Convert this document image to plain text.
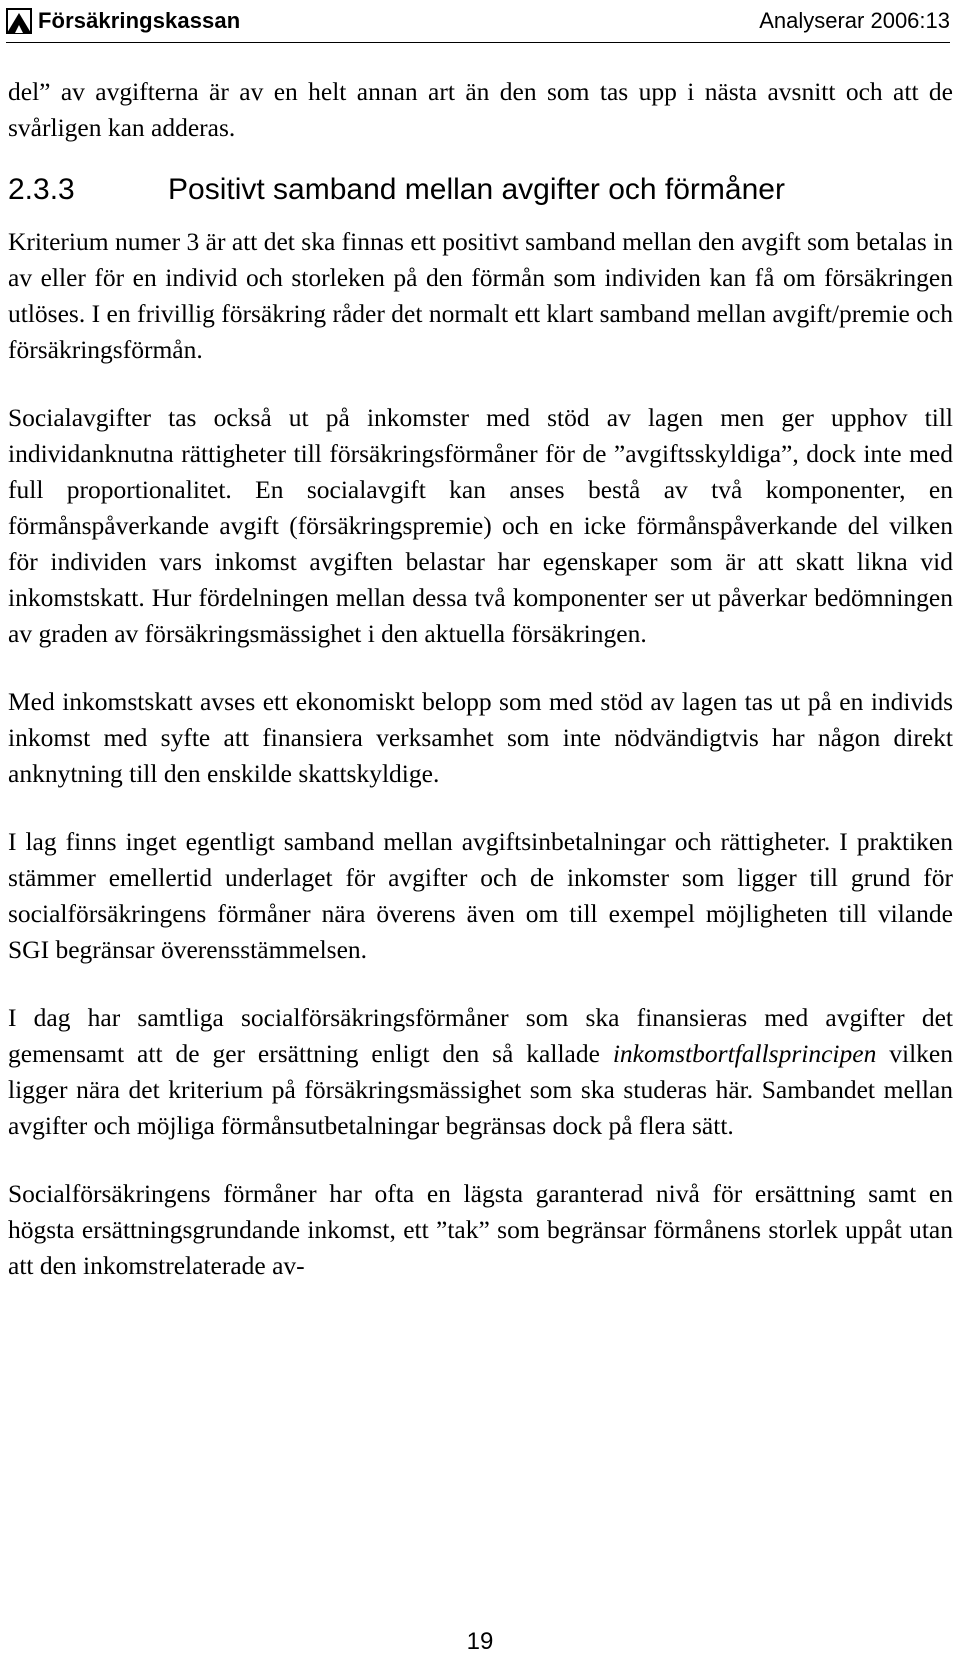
Försäkringskassan	Analyserar 2006:13

del” av avgifterna är av en helt annan art än den som tas upp i nästa avsnitt och att de svårligen kan adderas.

2.3.3	Positivt samband mellan avgifter och förmåner

Kriterium numer 3 är att det ska finnas ett positivt samband mellan den avgift som betalas in av eller för en individ och storleken på den förmån som individen kan få om försäkringen utlöses. I en frivillig försäkring råder det normalt ett klart samband mellan avgift/premie och försäkringsförmån.

Socialavgifter tas också ut på inkomster med stöd av lagen men ger upphov till individanknutna rättigheter till försäkringsförmåner för de ”avgiftsskyldiga”, dock inte med full proportionalitet. En socialavgift kan anses bestå av två komponenter, en förmånspåverkande avgift (försäkringspremie) och en icke förmånspåverkande del vilken för individen vars inkomst avgiften belastar har egenskaper som är att skatt likna vid inkomstskatt. Hur fördelningen mellan dessa två komponenter ser ut påverkar bedömningen av graden av försäkringsmässighet i den aktuella försäkringen.

Med inkomstskatt avses ett ekonomiskt belopp som med stöd av lagen tas ut på en individs inkomst med syfte att finansiera verksamhet som inte nödvändigtvis har någon direkt anknytning till den enskilde skattskyldige.

I lag finns inget egentligt samband mellan avgiftsinbetalningar och rättigheter. I praktiken stämmer emellertid underlaget för avgifter och de inkomster som ligger till grund för socialförsäkringens förmåner nära överens även om till exempel möjligheten till vilande SGI begränsar överensstämmelsen.

I dag har samtliga socialförsäkringsförmåner som ska finansieras med avgifter det gemensamt att de ger ersättning enligt den så kallade inkomstbortfallsprincipen vilken ligger nära det kriterium på försäkringsmässighet som ska studeras här. Sambandet mellan avgifter och möjliga förmånsutbetalningar begränsas dock på flera sätt.

Socialförsäkringens förmåner har ofta en lägsta garanterad nivå för ersättning samt en högsta ersättningsgrundande inkomst, ett ”tak” som begränsar förmånens storlek uppåt utan att den inkomstrelaterade av-

19
